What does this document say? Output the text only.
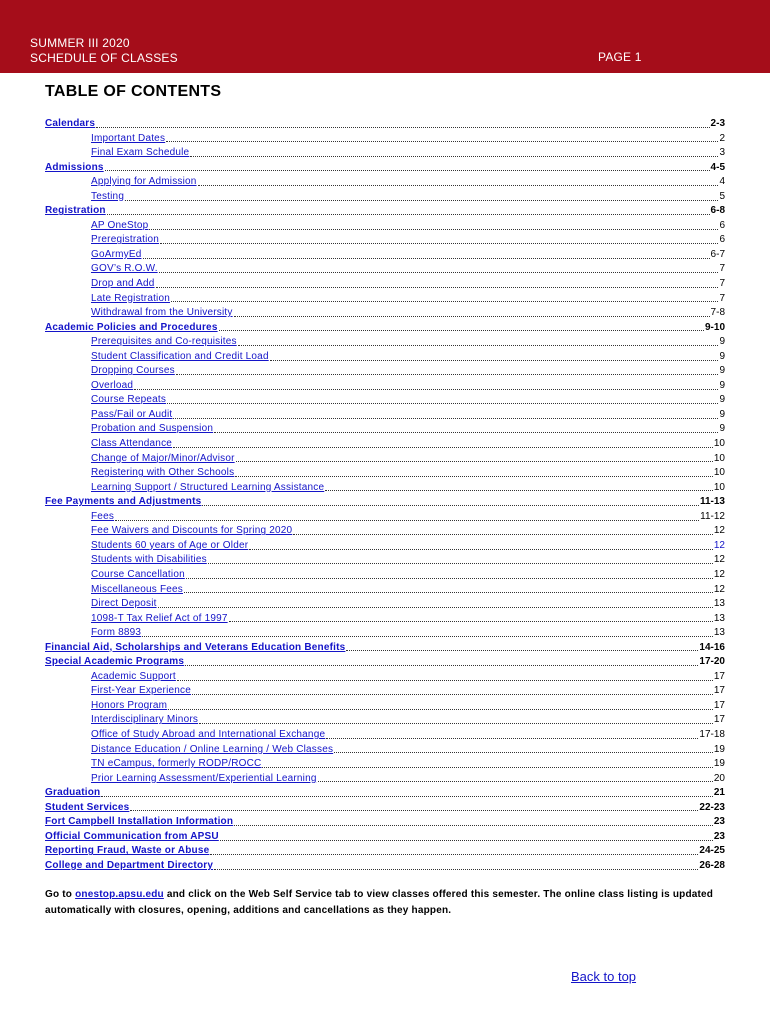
SUMMER III 2020
SCHEDULE OF CLASSES	PAGE 1
TABLE OF CONTENTS
Calendars	2-3
Important Dates	2
Final Exam Schedule	3
Admissions	4-5
Applying for Admission	4
Testing	5
Registration	6-8
AP OneStop	6
Preregistration	6
GoArmyEd	6-7
GOV’s R.O.W.	7
Drop and Add	7
Late Registration	7
Withdrawal from the University	7-8
Academic Policies and Procedures	9-10
Prerequisites and Co-requisites	9
Student Classification and Credit Load	9
Dropping Courses	9
Overload	9
Course Repeats	9
Pass/Fail or Audit	9
Probation and Suspension	9
Class Attendance	10
Change of Major/Minor/Advisor	10
Registering with Other Schools	10
Learning Support / Structured Learning Assistance	10
Fee Payments and Adjustments	11-13
Fees	11-12
Fee Waivers and Discounts for Spring 2020	12
Students 60 years of Age or Older	12
Students with Disabilities	12
Course Cancellation	12
Miscellaneous Fees	12
Direct Deposit	13
1098-T Tax Relief Act of 1997	13
Form 8893	13
Financial Aid, Scholarships and Veterans Education Benefits	14-16
Special Academic Programs	17-20
Academic Support	17
First-Year Experience	17
Honors Program	17
Interdisciplinary Minors	17
Office of Study Abroad and International Exchange	17-18
Distance Education / Online Learning / Web Classes	19
TN eCampus, formerly RODP/ROCC	19
Prior Learning Assessment/Experiential Learning	20
Graduation	21
Student Services	22-23
Fort Campbell Installation Information	23
Official Communication from APSU	23
Reporting Fraud, Waste or Abuse	24-25
College and Department Directory	26-28
Go to onestop.apsu.edu and click on the Web Self Service tab to view classes offered this semester. The online class listing is updated automatically with closures, opening, additions and cancellations as they happen.
Back to top
